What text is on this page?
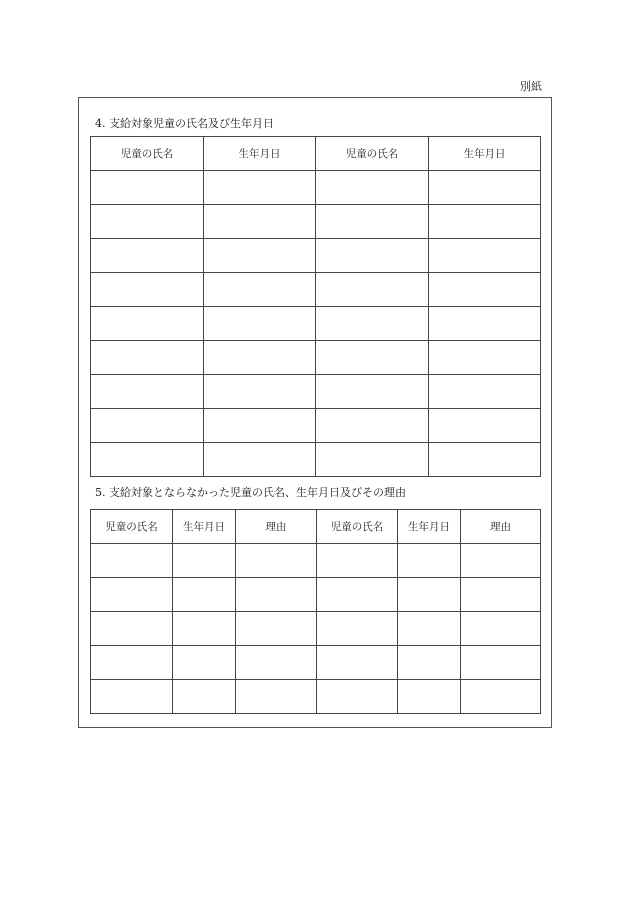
別紙
4. 支給対象児童の氏名及び生年月日
児童の氏名	生年月日	児童の氏名	生年月日

5. 支給対象とならなかった児童の氏名、生年月日及びその理由
児童の氏名	生年月日	理由	児童の氏名	生年月日	理由
